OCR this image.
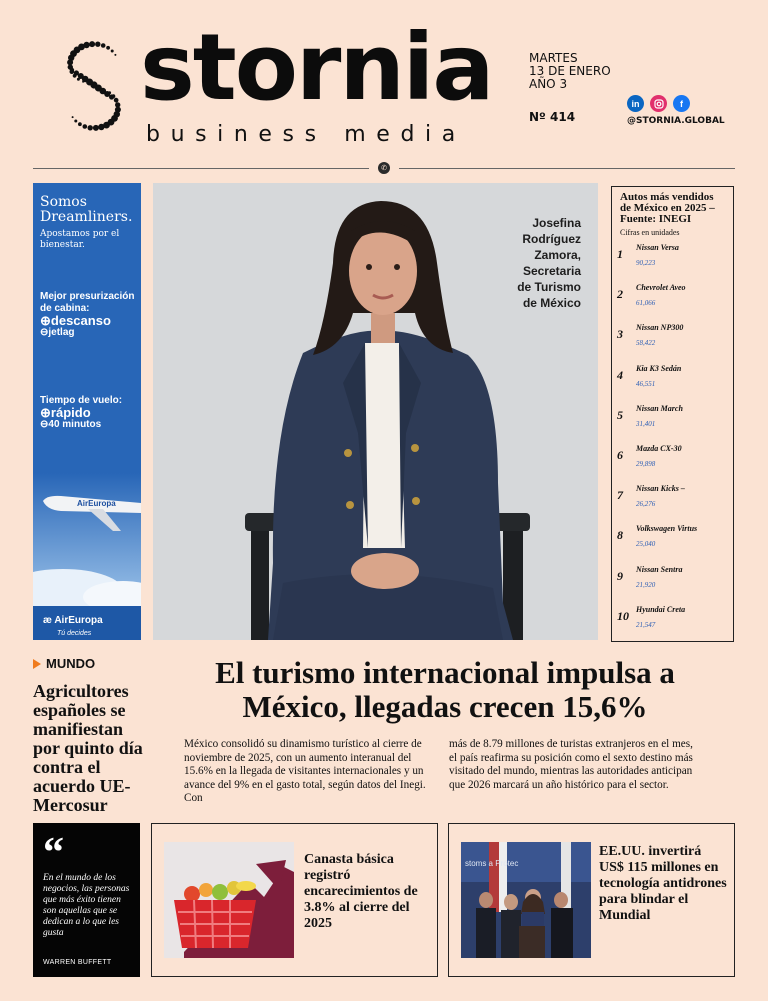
stornia
business media
MARTES
13 DE ENERO
AÑO 3
Nº 414
in	f
@STORNIA.GLOBAL
✆
Somos Dreamliners.
Apostamos por el bienestar.
Mejor presurización de cabina:
⊕descanso
⊖jetlag
Tiempo de vuelo:
⊕rápido
⊖40 minutos
AirEuropa
æ AirEuropa
Tú decides
Josefina
Rodríguez
Zamora,
Secretaria
de Turismo
de México
Autos más vendidos de México en 2025 – Fuente: INEGI
Cifras en unidades
1 Nissan Versa
90,223
2 Chevrolet Aveo
61,066
3 Nissan NP300
58,422
4 Kia K3 Sedán
46,551
5 Nissan March
31,401
6 Mazda CX-30
29,898
7 Nissan Kicks –
26,276
8 Volkswagen Virtus
25,040
9 Nissan Sentra
21,920
10 Hyundai Creta
21,547
MUNDO
Agricultores españoles se manifiestan por quinto día contra el acuerdo UE-Mercosur
El turismo internacional impulsa a México, llegadas crecen 15,6%
México consolidó su dinamismo turístico al cierre de noviembre de 2025, con un aumento interanual del 15.6% en la llegada de visitantes internacionales y un avance del 9% en el gasto total, según datos del Inegi. Con
más de 8.79 millones de turistas extranjeros en el mes, el país reafirma su posición como el sexto destino más visitado del mundo, mientras las autoridades anticipan que 2026 marcará un año histórico para el sector.
“
En el mundo de los negocios, las personas que más éxito tienen son aquellas que se dedican a lo que les gusta
WARREN BUFFETT
Canasta básica registró encarecimientos de 3.8% al cierre del 2025
stoms a Protec
EE.UU. invertirá US$ 115 millones en tecnología antidrones para blindar el Mundial
